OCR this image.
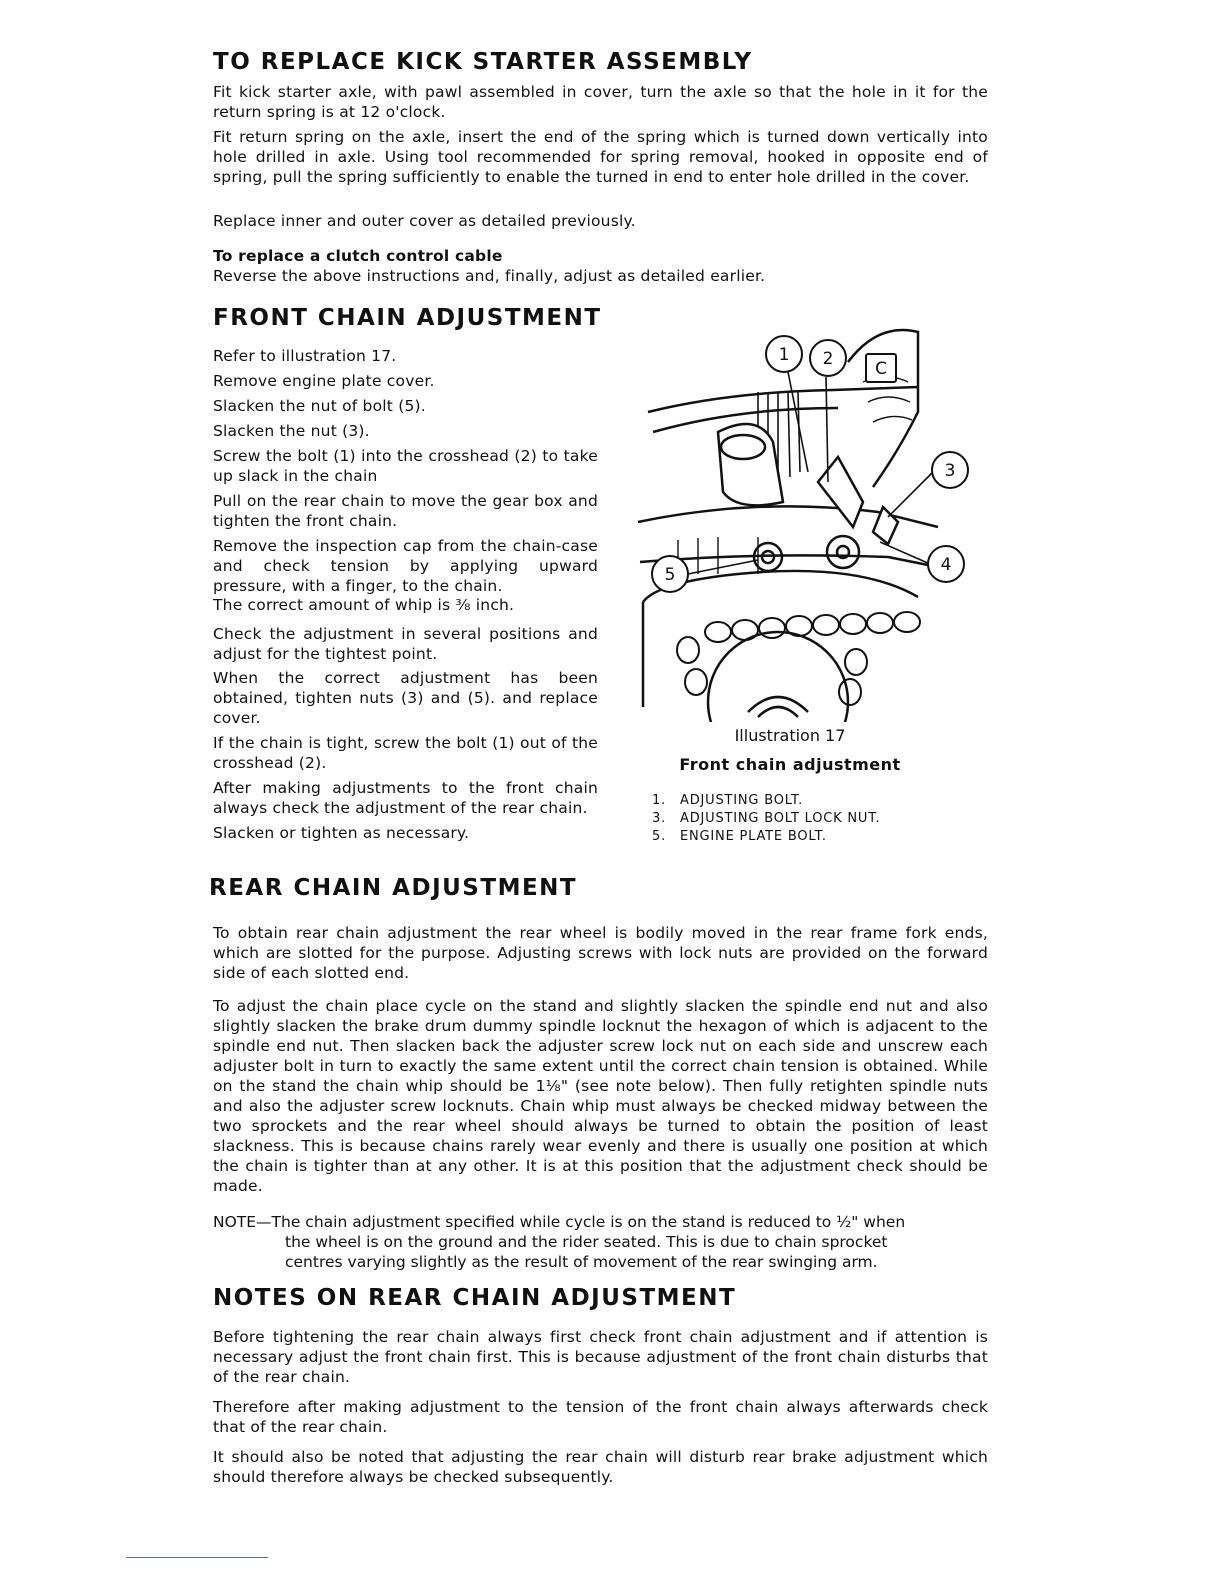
TO REPLACE KICK STARTER ASSEMBLY

Fit kick starter axle, with pawl assembled in cover, turn the axle so that the hole in it for the return spring is at 12 o'clock.

Fit return spring on the axle, insert the end of the spring which is turned down vertically into hole drilled in axle. Using tool recommended for spring removal, hooked in opposite end of spring, pull the spring sufficiently to enable the turned in end to enter hole drilled in the cover.

Replace inner and outer cover as detailed previously.

To replace a clutch control cable

Reverse the above instructions and, finally, adjust as detailed earlier.

FRONT CHAIN ADJUSTMENT

Refer to illustration 17.

Remove engine plate cover.

Slacken the nut of bolt (5).

Slacken the nut (3).

Screw the bolt (1) into the crosshead (2) to take up slack in the chain

Pull on the rear chain to move the gear box and tighten the front chain.

Remove the inspection cap from the chain-case and check tension by applying upward pressure, with a finger, to the chain.

The correct amount of whip is ⅜ inch.

Check the adjustment in several positions and adjust for the tightest point.

When the correct adjustment has been obtained, tighten nuts (3) and (5). and replace cover.

If the chain is tight, screw the bolt (1) out of the crosshead (2).

After making adjustments to the front chain always check the adjustment of the rear chain.

Slacken or tighten as necessary.

1 2 C
3
4
5

Illustration 17

Front chain adjustment

1.	ADJUSTING BOLT.
3.	ADJUSTING BOLT LOCK NUT.
5.	ENGINE PLATE BOLT.
REAR CHAIN ADJUSTMENT

To obtain rear chain adjustment the rear wheel is bodily moved in the rear frame fork ends, which are slotted for the purpose. Adjusting screws with lock nuts are provided on the forward side of each slotted end.

To adjust the chain place cycle on the stand and slightly slacken the spindle end nut and also slightly slacken the brake drum dummy spindle locknut the hexagon of which is adjacent to the spindle end nut. Then slacken back the adjuster screw lock nut on each side and unscrew each adjuster bolt in turn to exactly the same extent until the correct chain tension is obtained. While on the stand the chain whip should be 1⅛" (see note below). Then fully retighten spindle nuts and also the adjuster screw locknuts. Chain whip must always be checked midway between the two sprockets and the rear wheel should always be turned to obtain the position of least slackness. This is because chains rarely wear evenly and there is usually one position at which the chain is tighter than at any other. It is at this position that the adjustment check should be made.

NOTE—The chain adjustment specified while cycle is on the stand is reduced to ½" when
the wheel is on the ground and the rider seated. This is due to chain sprocket
centres varying slightly as the result of movement of the rear swinging arm.
NOTES ON REAR CHAIN ADJUSTMENT

Before tightening the rear chain always first check front chain adjustment and if attention is necessary adjust the front chain first. This is because adjustment of the front chain disturbs that of the rear chain.

Therefore after making adjustment to the tension of the front chain always afterwards check that of the rear chain.

It should also be noted that adjusting the rear chain will disturb rear brake adjustment which should therefore always be checked subsequently.
